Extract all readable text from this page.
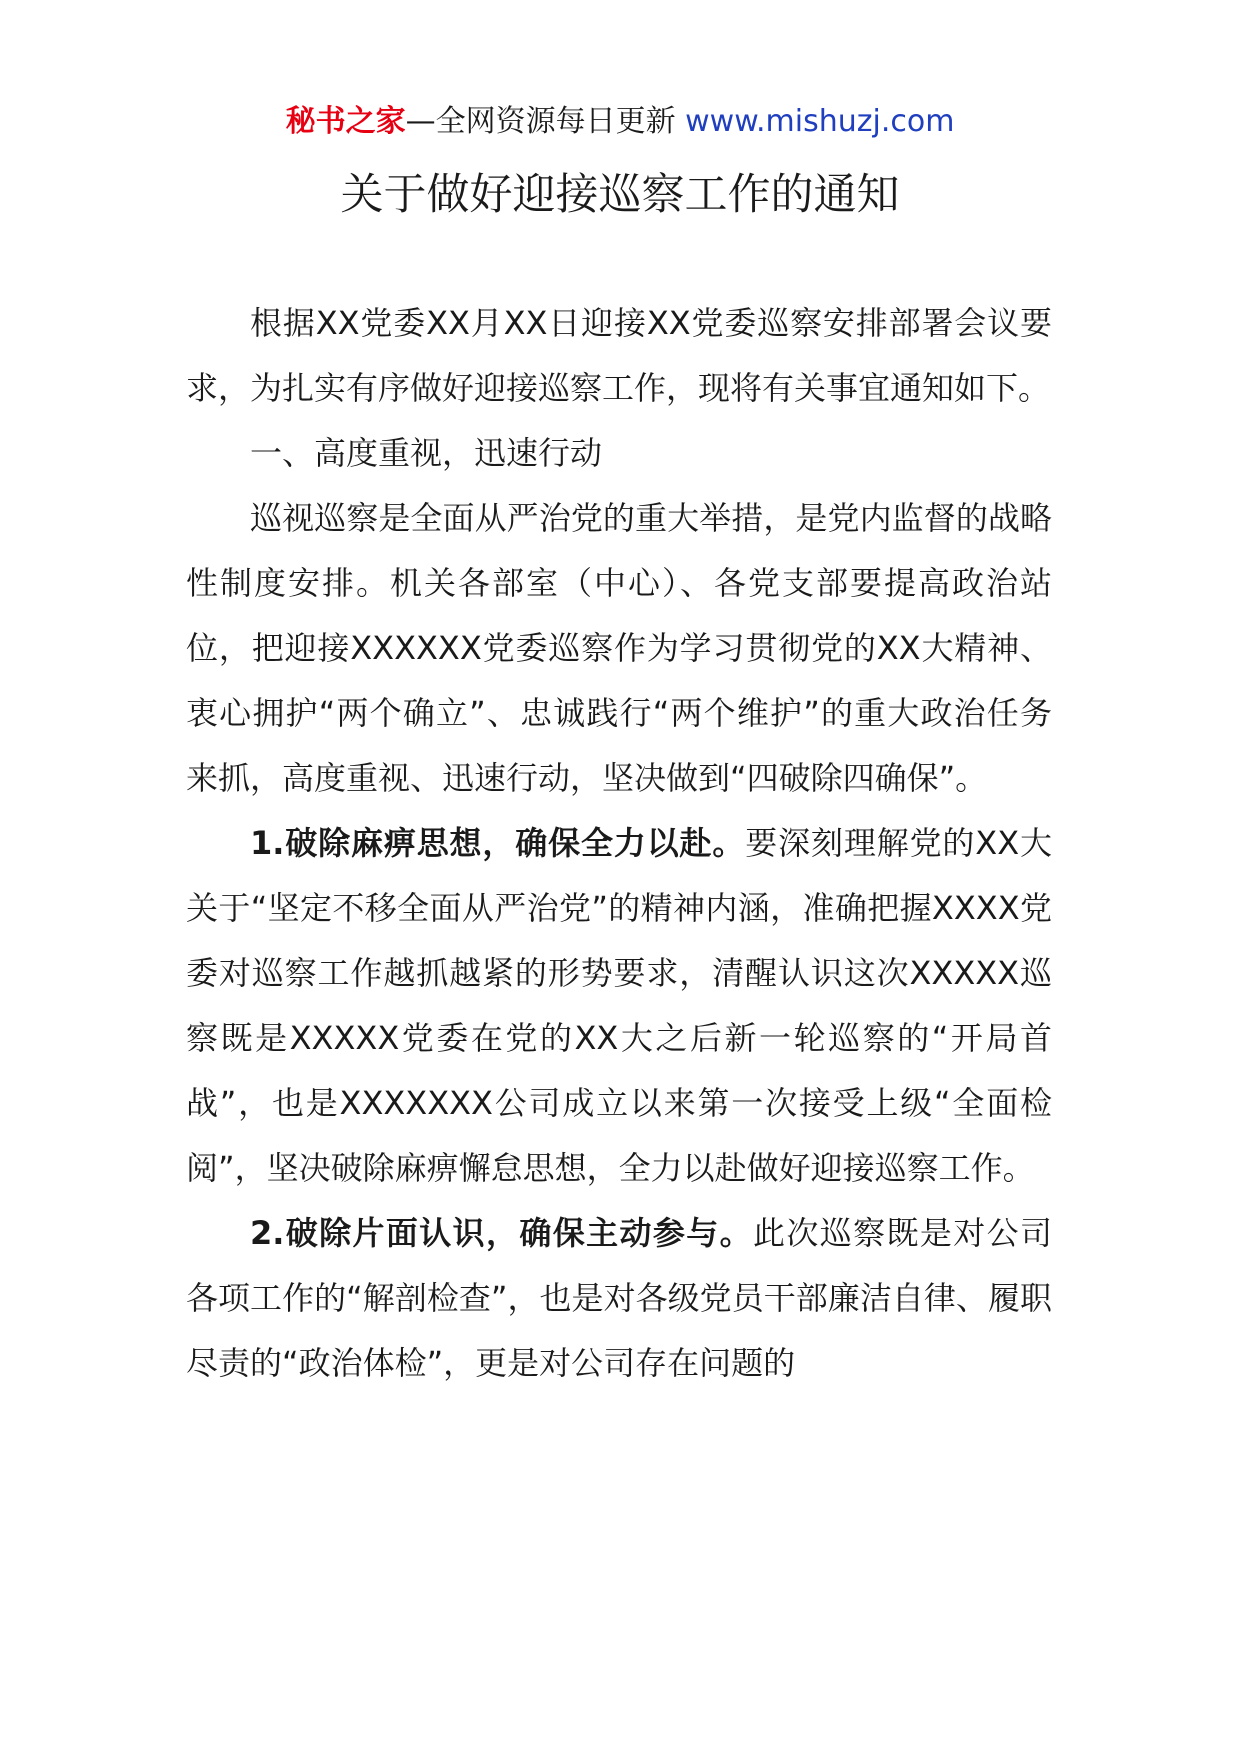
秘书之家—全网资源每日更新 www.mishuzj.com
关于做好迎接巡察工作的通知

根据XX党委XX月XX日迎接XX党委巡察安排部署会议要求，为扎实有序做好迎接巡察工作，现将有关事宜通知如下。

一、高度重视，迅速行动

巡视巡察是全面从严治党的重大举措，是党内监督的战略性制度安排。机关各部室（中心）、各党支部要提高政治站位，把迎接XXXXXX党委巡察作为学习贯彻党的XX大精神、衷心拥护“两个确立”、忠诚践行“两个维护”的重大政治任务来抓，高度重视、迅速行动，坚决做到“四破除四确保”。

1.破除麻痹思想，确保全力以赴。要深刻理解党的XX大关于“坚定不移全面从严治党”的精神内涵，准确把握XXXX党委对巡察工作越抓越紧的形势要求，清醒认识这次XXXXX巡察既是XXXXX党委在党的XX大之后新一轮巡察的“开局首战”，也是XXXXXXX公司成立以来第一次接受上级“全面检阅”，坚决破除麻痹懈怠思想，全力以赴做好迎接巡察工作。

2.破除片面认识，确保主动参与。此次巡察既是对公司各项工作的“解剖检查”，也是对各级党员干部廉洁自律、履职尽责的“政治体检”，更是对公司存在问题的
